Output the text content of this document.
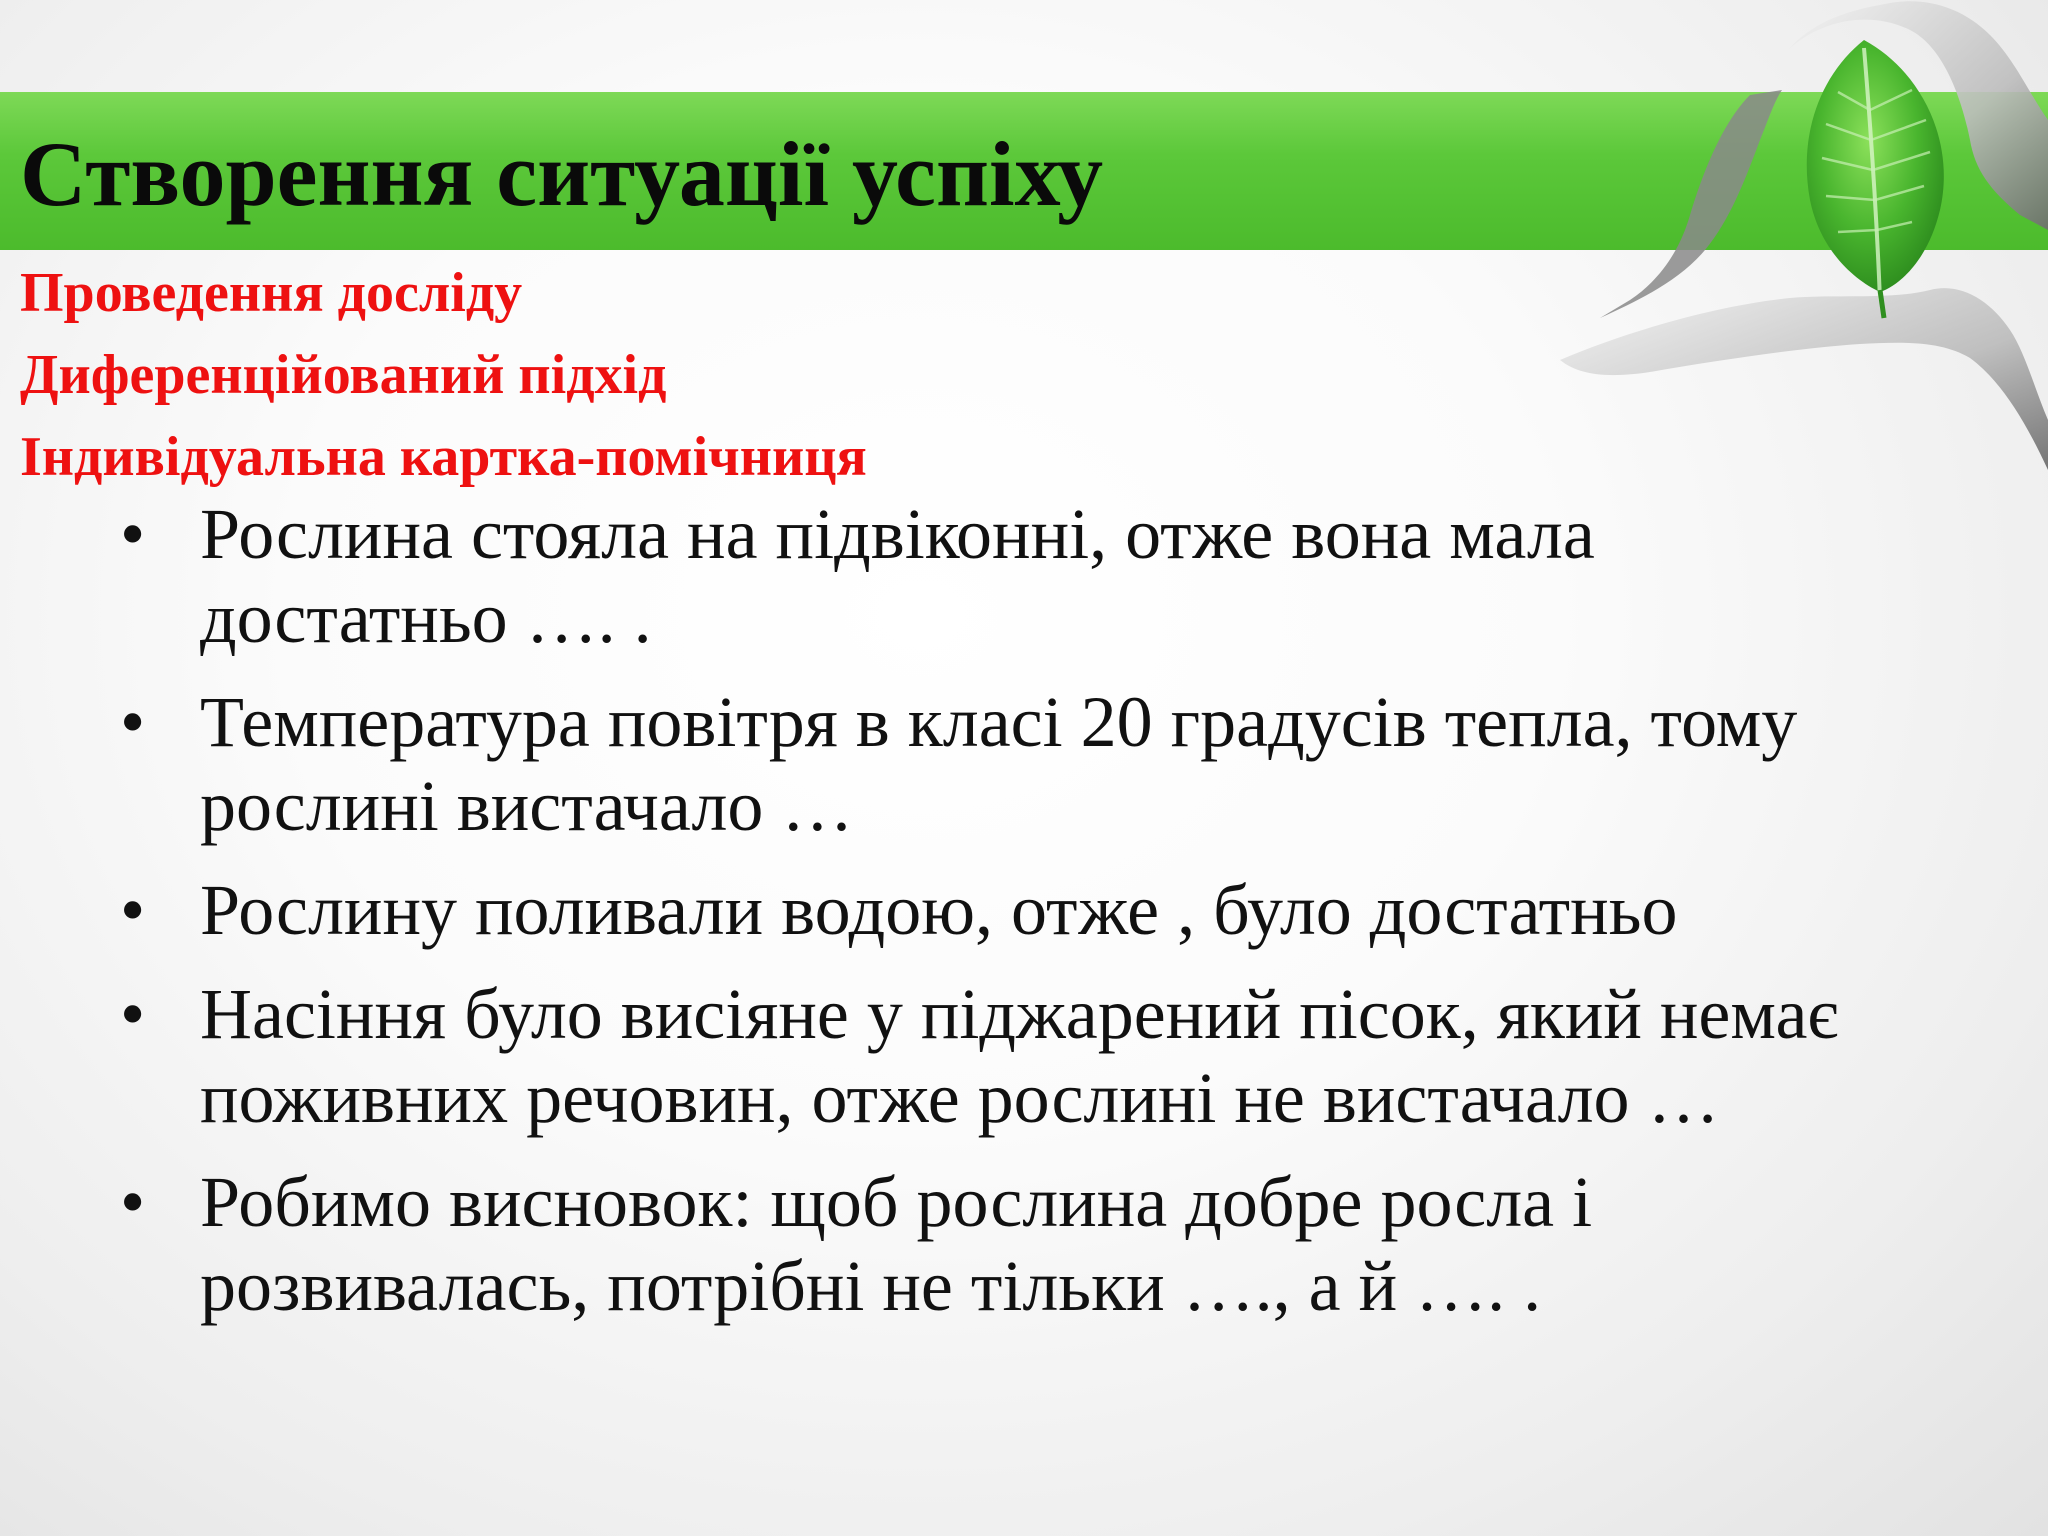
Створення ситуації успіху
Проведення досліду
Диференційований підхід
Індивідуальна картка-помічниця
• Рослина стояла на підвіконні, отже вона мала достатньо …. .
• Температура повітря в класі 20 градусів тепла, тому рослині вистачало …
• Рослину поливали водою, отже , було достатньо
• Насіння було висіяне у піджарений пісок, який немає поживних речовин, отже рослині не вистачало …
• Робимо висновок: щоб рослина добре росла і розвивалась, потрібні не тільки …., а й …. .
